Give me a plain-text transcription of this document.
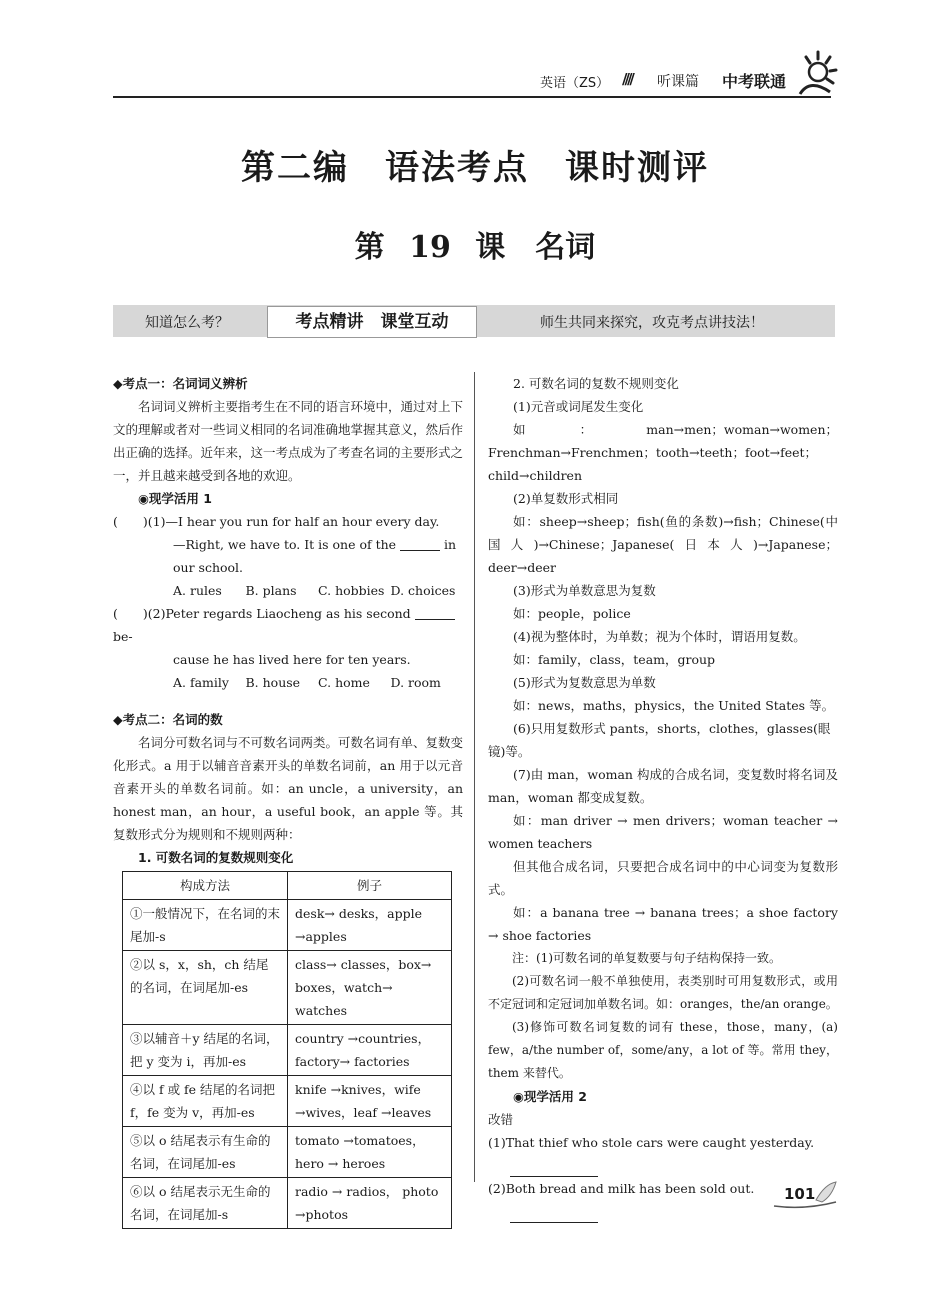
英语（ZS） //// 听课篇 中考联通
第二编　语法考点　课时测评
第 19 课　名词
知道怎么考？	考点精讲　课堂互动	师生共同来探究，攻克考点讲技法！

◆考点一：名词词义辨析

名词词义辨析主要指考生在不同的语言环境中，通过对上下文的理解或者对一些词义相同的名词准确地掌握其意义，然后作出正确的选择。近年来，这一考点成为了考查名词的主要形式之一，并且越来越受到各地的欢迎。

◉现学活用 1

(　　)(1)—I hear you run for half an hour every day.

—Right, we have to. It is one of the	in our school.

A. rules	B. plans	C. hobbies D. choices

(　　)(2)Peter regards Liaocheng as his second  be-

cause he has lived here for ten years.

A. family	B. house	C. home	D. room

◆考点二：名词的数

名词分可数名词与不可数名词两类。可数名词有单、复数变化形式。a 用于以辅音音素开头的单数名词前，an 用于以元音音素开头的单数名词前。如：an uncle，a university，an honest man，an hour，a useful book，an apple 等。其复数形式分为规则和不规则两种：

1. 可数名词的复数规则变化

构成方法	例子
①一般情况下，在名词的末尾加-s	desk→ desks，apple →apples
②以 s，x，sh，ch 结尾的名词，在词尾加-es	class→ classes，box→ boxes，watch→ watches
③以辅音＋y 结尾的名词，把 y 变为 i，再加-es	country →countries，factory→ factories
④以 f 或 fe 结尾的名词把 f，fe 变为 v，再加-es	knife →knives，wife →wives，leaf →leaves
⑤以 o 结尾表示有生命的名词，在词尾加-es	tomato →tomatoes，hero → heroes
⑥以 o 结尾表示无生命的名词，在词尾加-s	radio → radios， photo →photos

2. 可数名词的复数不规则变化

(1)元音或词尾发生变化

如：man→men；woman→women；Frenchman→Frenchmen；tooth→teeth；foot→feet；child→children

(2)单复数形式相同

如：sheep→sheep；fish(鱼的条数)→fish；Chinese(中国人)→Chinese；Japanese(日本人)→Japanese；deer→deer

(3)形式为单数意思为复数

如：people，police

(4)视为整体时，为单数；视为个体时，谓语用复数。

如：family，class，team，group

(5)形式为复数意思为单数

如：news，maths，physics，the United States 等。

(6)只用复数形式 pants，shorts，clothes，glasses(眼镜)等。

(7)由 man，woman 构成的合成名词，变复数时将名词及 man，woman 都变成复数。

如：man driver → men drivers；woman teacher → women teachers

但其他合成名词，只要把合成名词中的中心词变为复数形式。

如：a banana tree → banana trees；a shoe factory → shoe factories

注：(1)可数名词的单复数要与句子结构保持一致。

(2)可数名词一般不单独使用，表类别时可用复数形式，或用不定冠词和定冠词加单数名词。如：oranges，the/an orange。

(3)修饰可数名词复数的词有 these，those，many，(a) few，a/the number of，some/any，a lot of 等。常用 they，them 来替代。

◉现学活用 2

改错

(1)That thief who stole cars were caught yesterday.

(2)Both bread and milk has been sold out.	101
